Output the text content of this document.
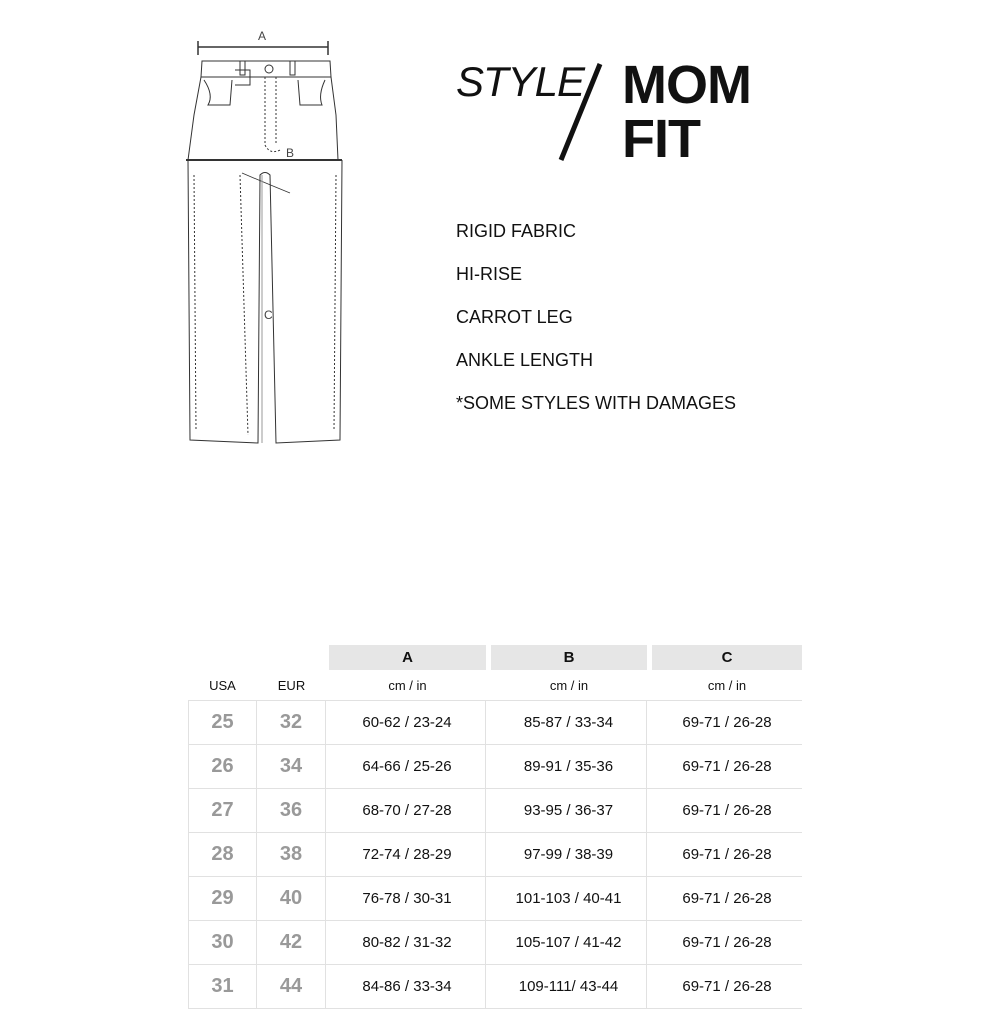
A
B
C
STYLE MOM
FIT
RIGID FABRIC
HI-RISE
CARROT LEG
ANKLE LENGTH
*SOME STYLES WITH DAMAGES
			A		B		C
USA	EUR		cm / in		cm / in		cm / in
25	32		60-62 / 23-24		85-87 / 33-34		69-71 / 26-28
26	34		64-66 / 25-26		89-91 / 35-36		69-71 / 26-28
27	36		68-70 / 27-28		93-95 / 36-37		69-71 / 26-28
28	38		72-74 / 28-29		97-99 / 38-39		69-71 / 26-28
29	40		76-78 / 30-31		101-103 / 40-41		69-71 / 26-28
30	42		80-82 / 31-32		105-107 / 41-42		69-71 / 26-28
31	44		84-86 / 33-34		109-111/ 43-44		69-71 / 26-28
